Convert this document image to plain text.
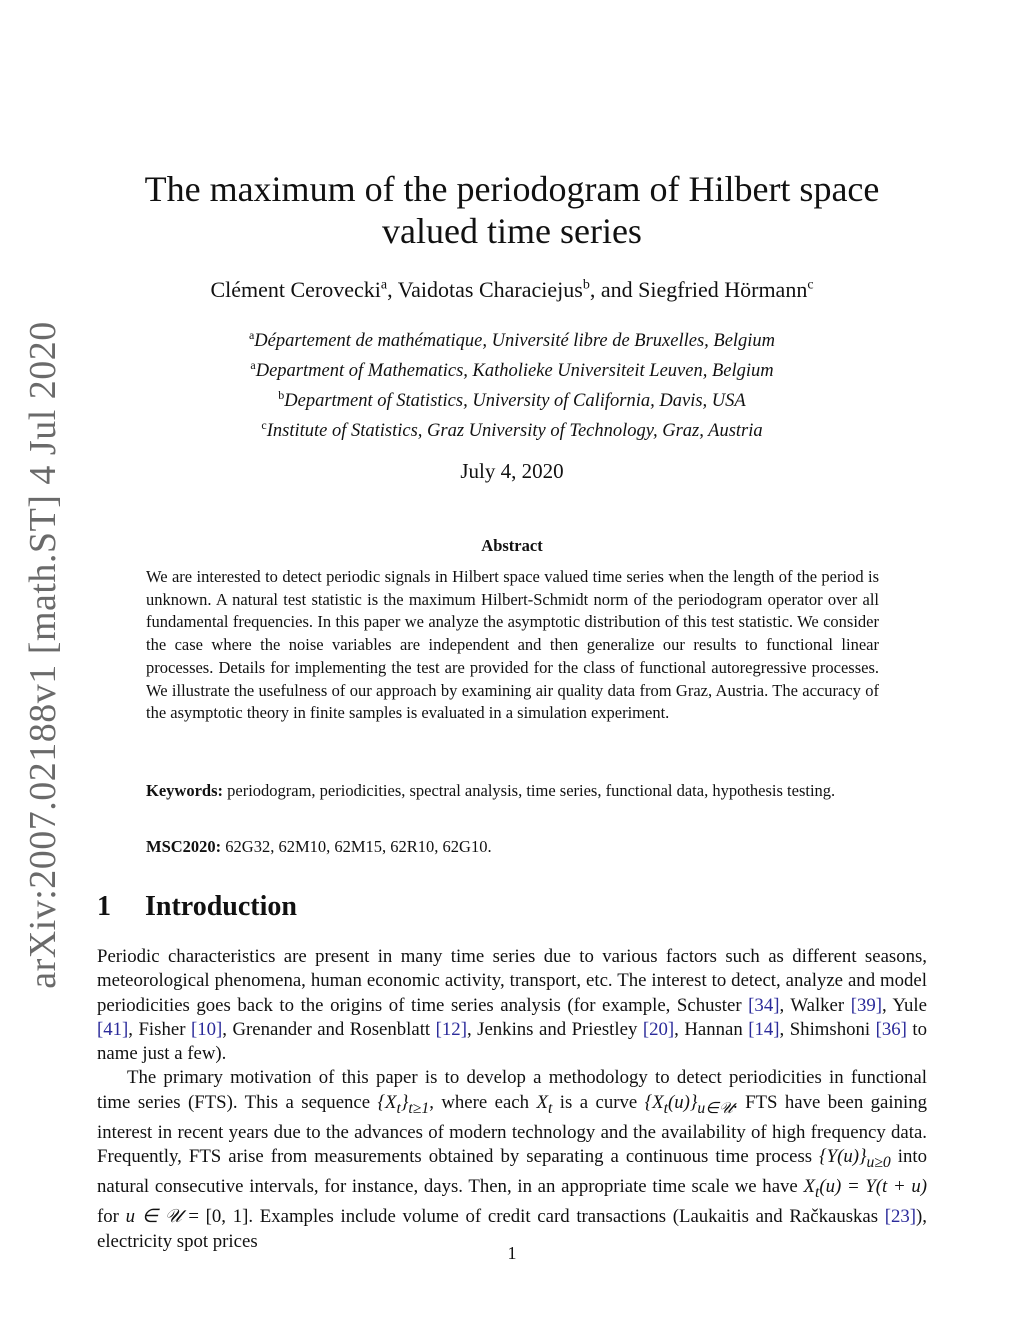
arXiv:2007.02188v1 [math.ST] 4 Jul 2020
The maximum of the periodogram of Hilbert space valued time series
Clément Cerovecki$^a$, Vaidotas Characiejus$^b$, and Siegfried Hörmann$^c$
$^a$Département de mathématique, Université libre de Bruxelles, Belgium
$^a$Department of Mathematics, Katholieke Universiteit Leuven, Belgium
$^b$Department of Statistics, University of California, Davis, USA
$^c$Institute of Statistics, Graz University of Technology, Graz, Austria
July 4, 2020
Abstract

We are interested to detect periodic signals in Hilbert space valued time series when the length of the period is unknown. A natural test statistic is the maximum Hilbert-Schmidt norm of the periodogram operator over all fundamental frequencies. In this paper we analyze the asymptotic distribution of this test statistic. We consider the case where the noise variables are independent and then generalize our results to functional linear processes. Details for implementing the test are provided for the class of functional autoregressive processes. We illustrate the usefulness of our approach by examining air quality data from Graz, Austria. The accuracy of the asymptotic theory in finite samples is evaluated in a simulation experiment.

Keywords: periodogram, periodicities, spectral analysis, time series, functional data, hypothesis testing.

MSC2020: 62G32, 62M10, 62M15, 62R10, 62G10.

1 Introduction

Periodic characteristics are present in many time series due to various factors such as different seasons, meteorological phenomena, human economic activity, transport, etc. The interest to detect, analyze and model periodicities goes back to the origins of time series analysis (for example, Schuster [34], Walker [39], Yule [41], Fisher [10], Grenander and Rosenblatt [12], Jenkins and Priestley [20], Hannan [14], Shimshoni [36] to name just a few).

The primary motivation of this paper is to develop a methodology to detect periodicities in functional time series (FTS). This a sequence $\{X_t\}_{t\ge 1}$, where each $X_t$ is a curve $\{X_t(u)\}_{u\in 𝒰}$. FTS have been gaining interest in recent years due to the advances of modern technology and the availability of high frequency data. Frequently, FTS arise from measurements obtained by separating a continuous time process $\{Y(u)\}_{u\ge 0}$ into natural consecutive intervals, for instance, days. Then, in an appropriate time scale we have $X_t(u) = Y(t + u)$ for u ∈ 𝒰 = [0, 1]. Examples include volume of credit card transactions (Laukaitis and Račkauskas [23]), electricity spot prices

1
